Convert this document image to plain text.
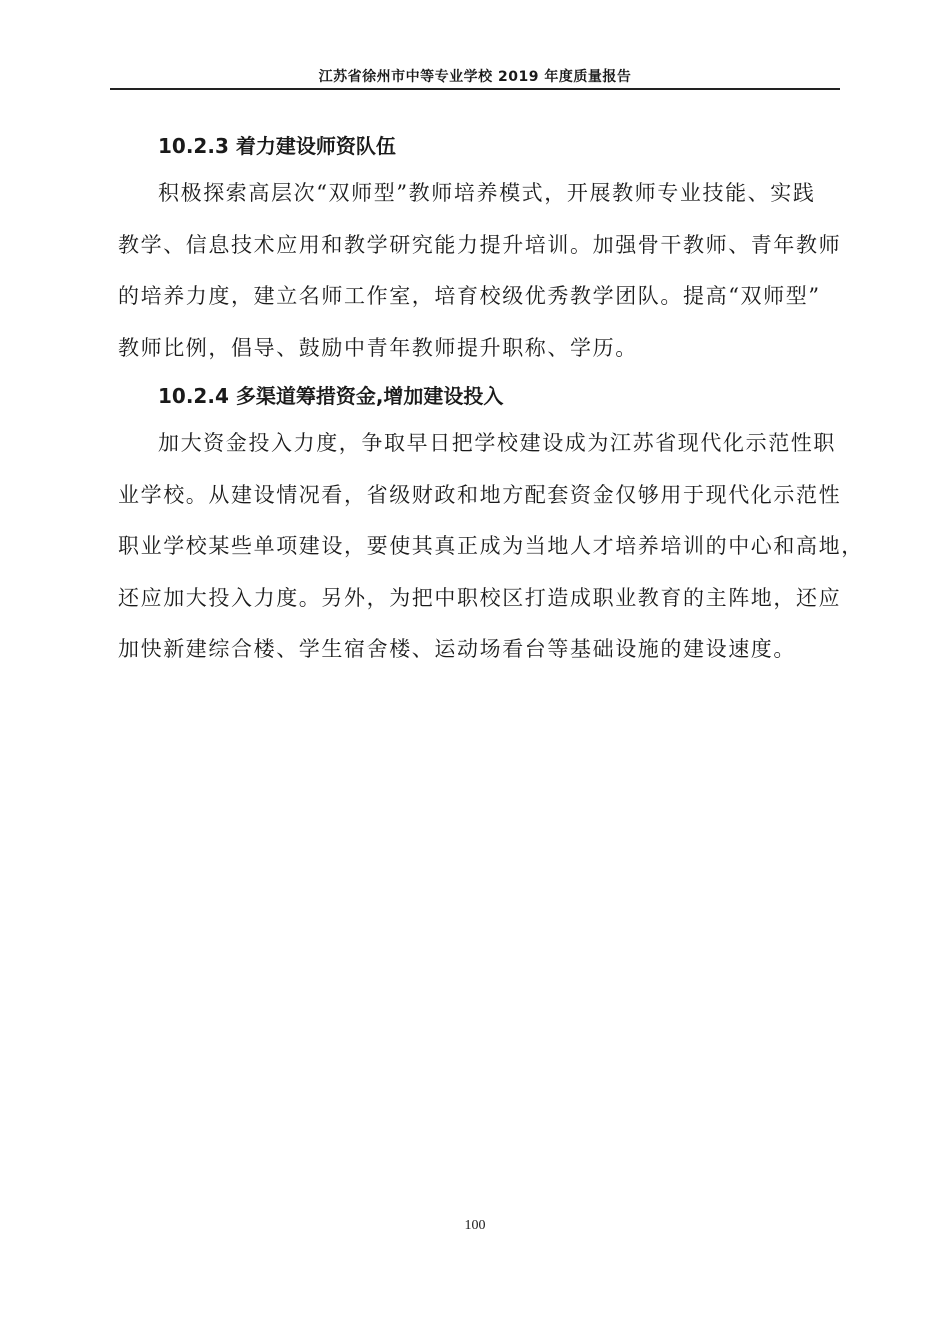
江苏省徐州市中等专业学校 2019 年度质量报告
10.2.3 着力建设师资队伍
积极探索高层次“双师型”教师培养模式，开展教师专业技能、实践
教学、信息技术应用和教学研究能力提升培训。加强骨干教师、青年教师
的培养力度，建立名师工作室，培育校级优秀教学团队。提高“双师型”
教师比例，倡导、鼓励中青年教师提升职称、学历。
10.2.4 多渠道筹措资金,增加建设投入
加大资金投入力度，争取早日把学校建设成为江苏省现代化示范性职
业学校。从建设情况看，省级财政和地方配套资金仅够用于现代化示范性
职业学校某些单项建设，要使其真正成为当地人才培养培训的中心和高地，
还应加大投入力度。另外，为把中职校区打造成职业教育的主阵地，还应
加快新建综合楼、学生宿舍楼、运动场看台等基础设施的建设速度。
100
